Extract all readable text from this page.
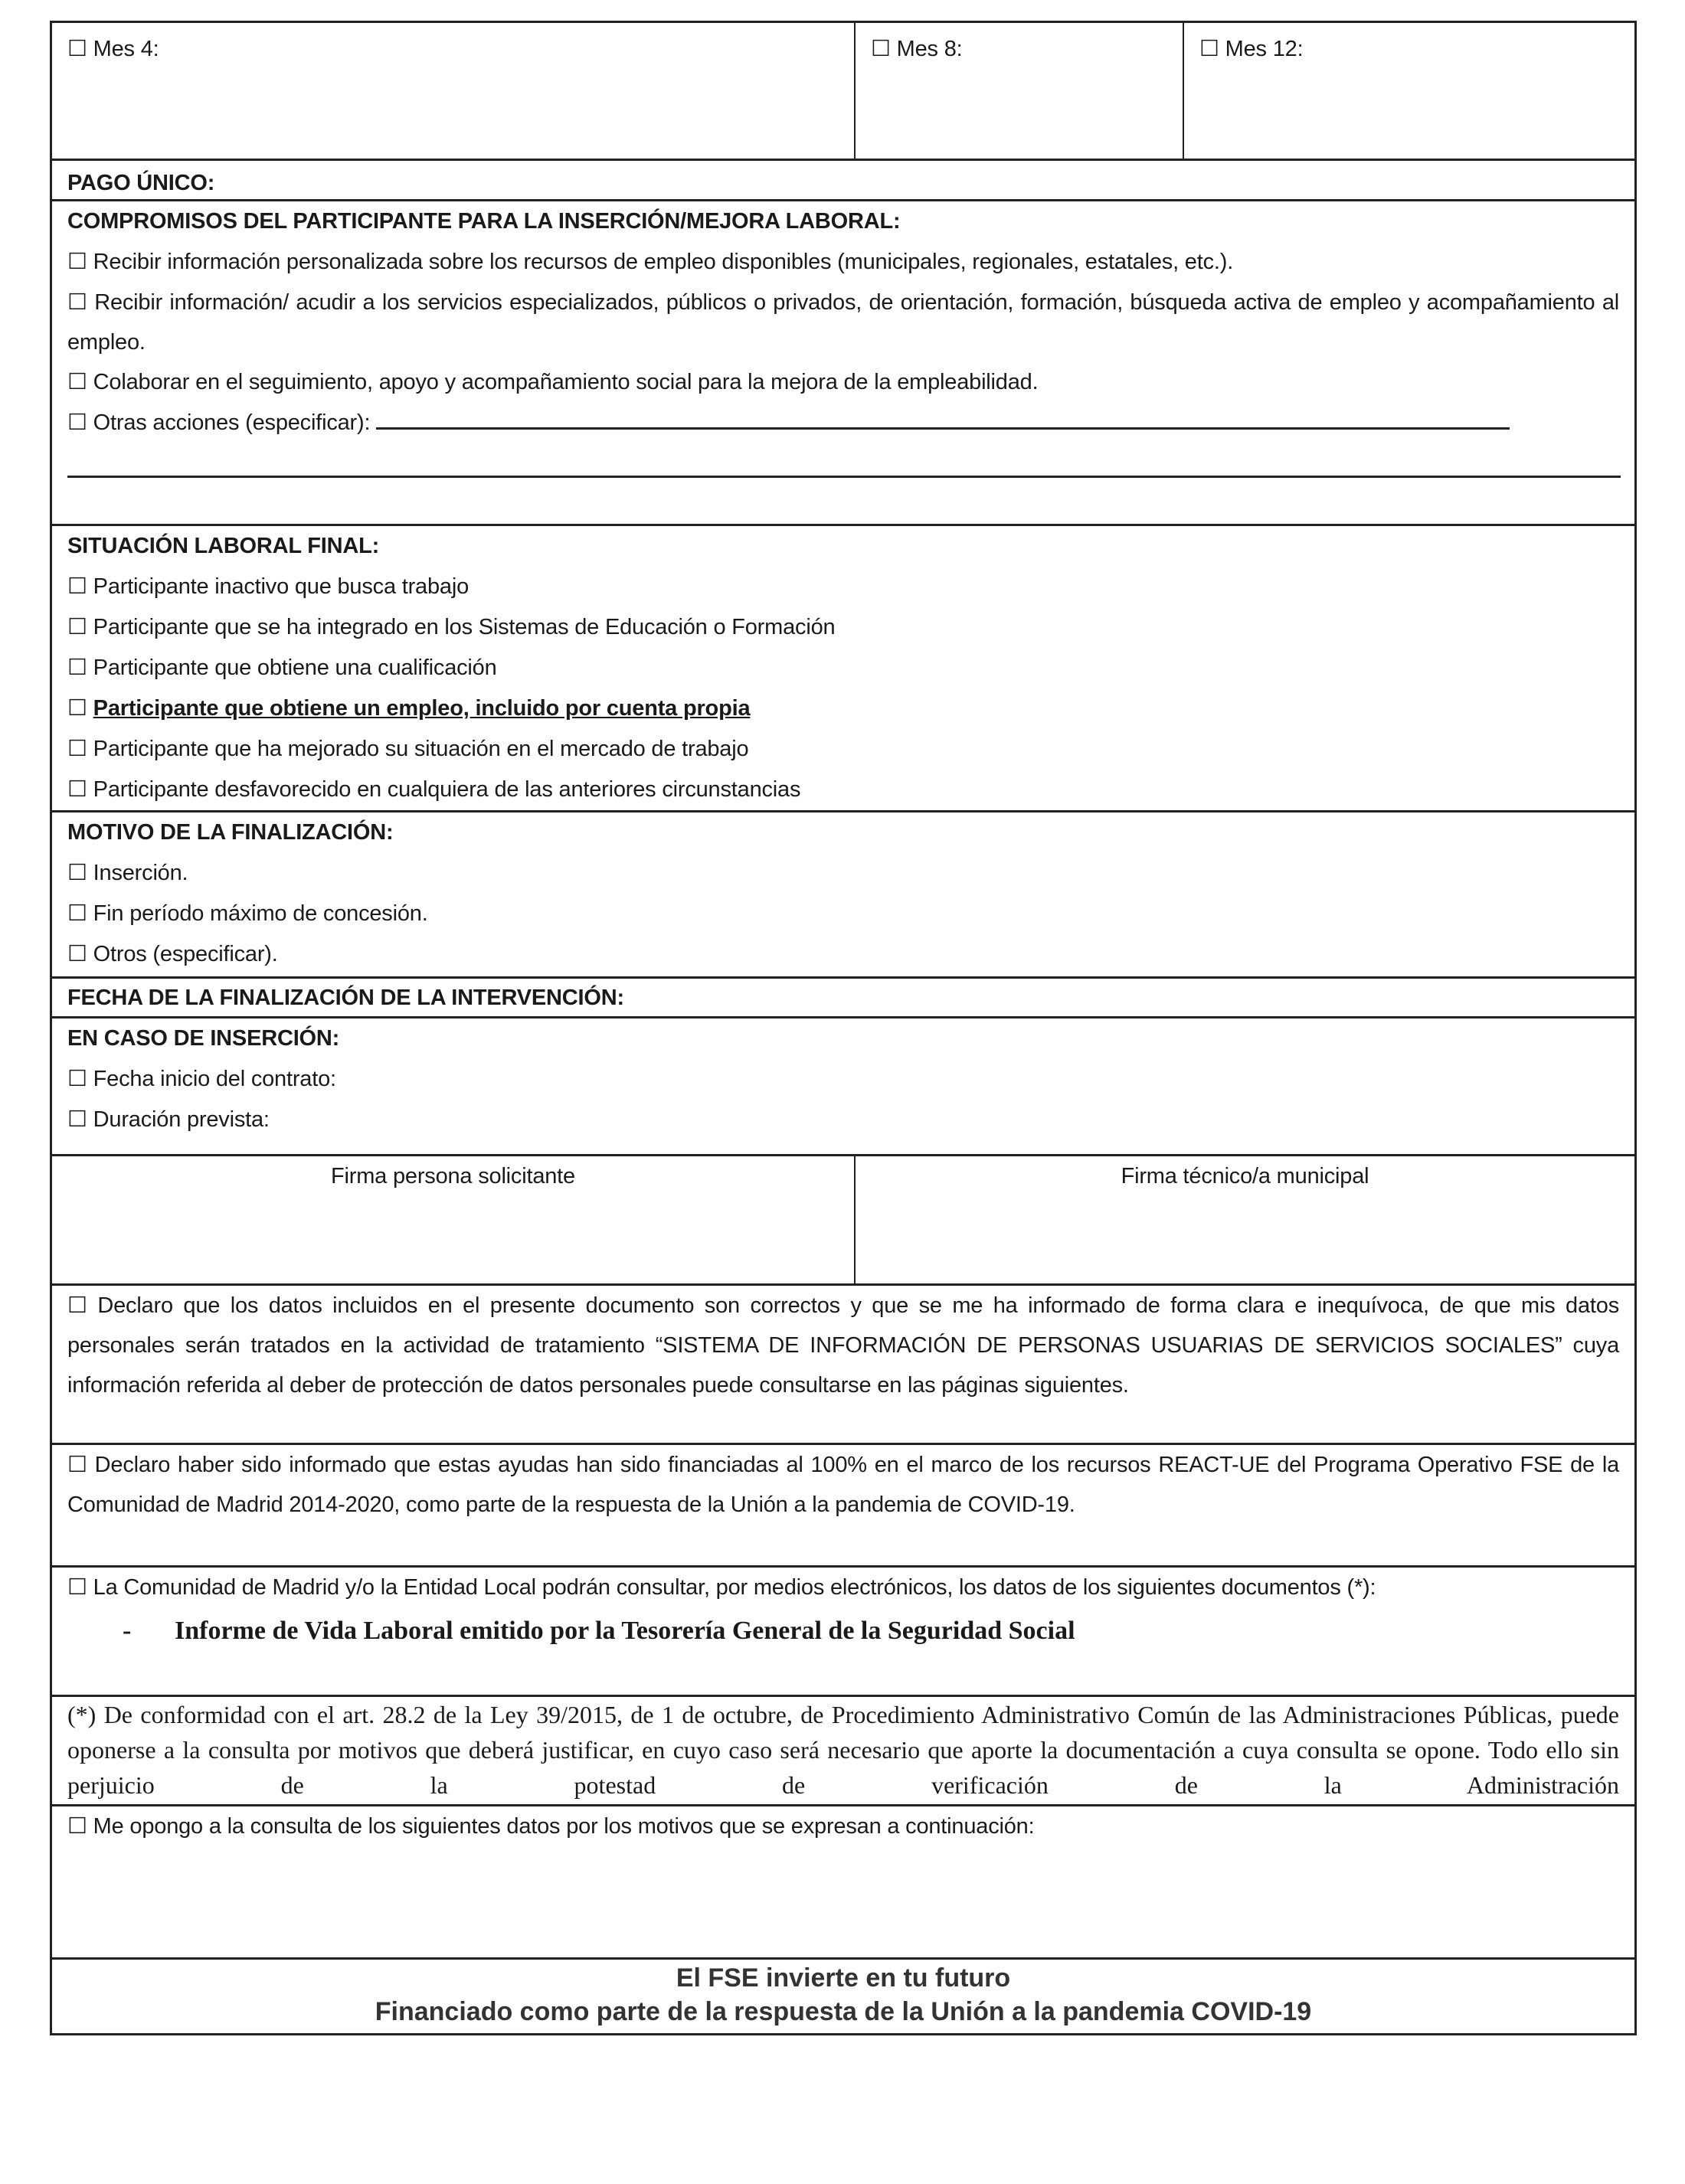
☐ Mes 4:	☐ Mes 8:	☐ Mes 12:
PAGO ÚNICO:
COMPROMISOS DEL PARTICIPANTE PARA LA INSERCIÓN/MEJORA LABORAL:
☐ Recibir información personalizada sobre los recursos de empleo disponibles (municipales, regionales, estatales, etc.).
☐ Recibir información/ acudir a los servicios especializados, públicos o privados, de orientación, formación, búsqueda activa de empleo y acompañamiento al empleo.
☐ Colaborar en el seguimiento, apoyo y acompañamiento social para la mejora de la empleabilidad.
☐ Otras acciones (especificar):
SITUACIÓN LABORAL FINAL:
☐ Participante inactivo que busca trabajo
☐ Participante que se ha integrado en los Sistemas de Educación o Formación
☐ Participante que obtiene una cualificación
☐ Participante que obtiene un empleo, incluido por cuenta propia
☐ Participante que ha mejorado su situación en el mercado de trabajo
☐ Participante desfavorecido en cualquiera de las anteriores circunstancias
MOTIVO DE LA FINALIZACIÓN:
☐ Inserción.
☐ Fin período máximo de concesión.
☐ Otros (especificar).
FECHA DE LA FINALIZACIÓN DE LA INTERVENCIÓN:
EN CASO DE INSERCIÓN:
☐ Fecha inicio del contrato:
☐ Duración prevista:
Firma persona solicitante	Firma técnico/a municipal
☐ Declaro que los datos incluidos en el presente documento son correctos y que se me ha informado de forma clara e inequívoca, de que mis datos personales serán tratados en la actividad de tratamiento “SISTEMA DE INFORMACIÓN DE PERSONAS USUARIAS DE SERVICIOS SOCIALES” cuya información referida al deber de protección de datos personales puede consultarse en las páginas siguientes.
☐ Declaro haber sido informado que estas ayudas han sido financiadas al 100% en el marco de los recursos REACT-UE del Programa Operativo FSE de la Comunidad de Madrid 2014-2020, como parte de la respuesta de la Unión a la pandemia de COVID-19.
☐ La Comunidad de Madrid y/o la Entidad Local podrán consultar, por medios electrónicos, los datos de los siguientes documentos (*):
- Informe de Vida Laboral emitido por la Tesorería General de la Seguridad Social
(*) De conformidad con el art. 28.2 de la Ley 39/2015, de 1 de octubre, de Procedimiento Administrativo Común de las Administraciones Públicas, puede oponerse a la consulta por motivos que deberá justificar, en cuyo caso será necesario que aporte la documentación a cuya consulta se opone. Todo ello sin perjuicio de la potestad de verificación de la Administración
☐ Me opongo a la consulta de los siguientes datos por los motivos que se expresan a continuación:
El FSE invierte en tu futuro
Financiado como parte de la respuesta de la Unión a la pandemia COVID-19
